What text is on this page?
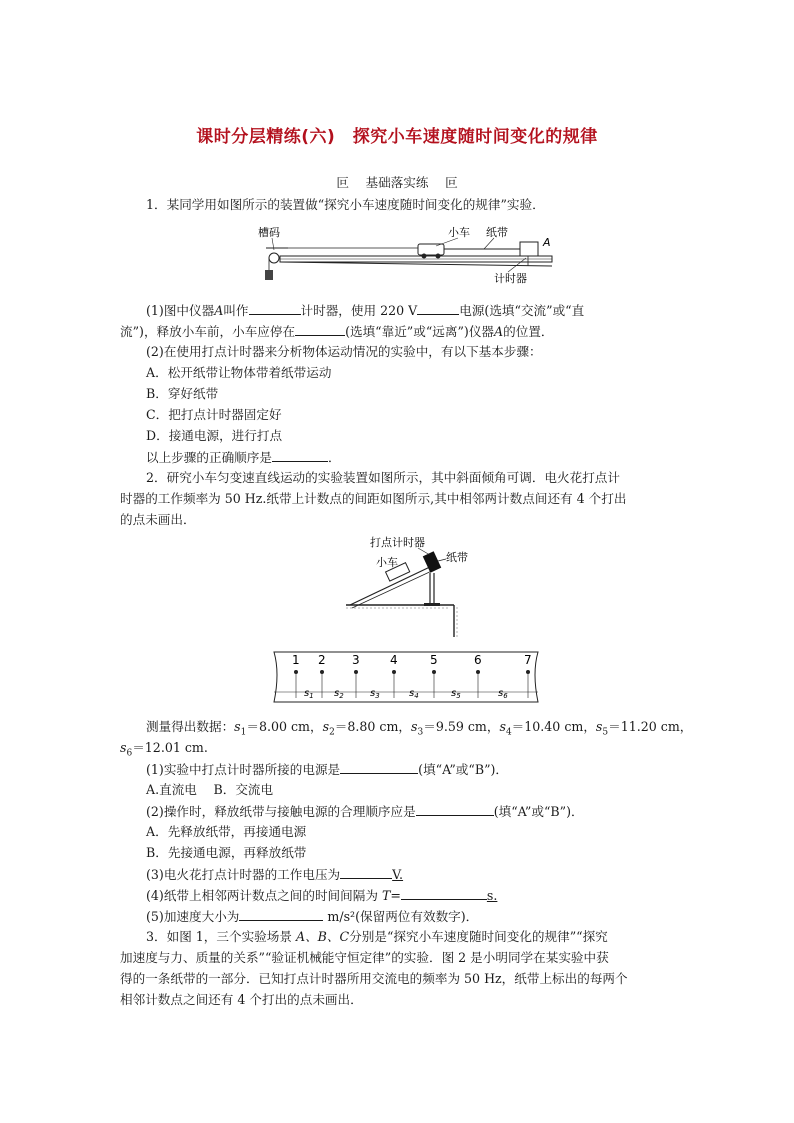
课时分层精练(六)　探究小车速度随时间变化的规律
叵　 基础落实练 　叵
1．某同学用如图所示的装置做“探究小车速度随时间变化的规律”实验．
槽码	小车 纸带
A
计时器
(1)图中仪器A叫作	计时器，使用 220 V	电源(选填“交流”或“直
流”)，释放小车前，小车应停在	(选填“靠近”或“远离”)仪器A的位置．
(2)在使用打点计时器来分析物体运动情况的实验中，有以下基本步骤：
A．松开纸带让物体带着纸带运动
B．穿好纸带
C．把打点计时器固定好
D．接通电源，进行打点
以上步骤的正确顺序是	．
2．研究小车匀变速直线运动的实验装置如图所示，其中斜面倾角可调．电火花打点计
时器的工作频率为 50 Hz.纸带上计数点的间距如图所示,其中相邻两计数点间还有 4 个打出
的点未画出．
打点计时器
小车	纸带
1 2 3	4	5	6	7
$s_1$ $s_2$	$s_3$	$s_4$	$s_5$	$s_6$
测量得出数据：$s_1=8.00$ cm，$s_2=8.80$ cm，$s_3=9.59$ cm，$s_4=10.40$ cm，$s_5=11.20$ cm，
$s_6=12.01$ cm.
(1)实验中打点计时器所接的电源是	(填“A”或“B”)．
A.直流电　 B．交流电
(2)操作时，释放纸带与接触电源的合理顺序应是	(填“A”或“B”)．
A．先释放纸带，再接通电源
B．先接通电源，再释放纸带
(3)电火花打点计时器的工作电压为	V.
(4)纸带上相邻两计数点之间的时间间隔为 T=	s.
(5)加速度大小为	m/s²(保留两位有效数字)．
3．如图 1，三个实验场景 A、B、C分别是“探究小车速度随时间变化的规律”“探究
加速度与力、质量的关系”“验证机械能守恒定律”的实验．图 2 是小明同学在某实验中获
得的一条纸带的一部分．已知打点计时器所用交流电的频率为 50 Hz，纸带上标出的每两个
相邻计数点之间还有 4 个打出的点未画出．
